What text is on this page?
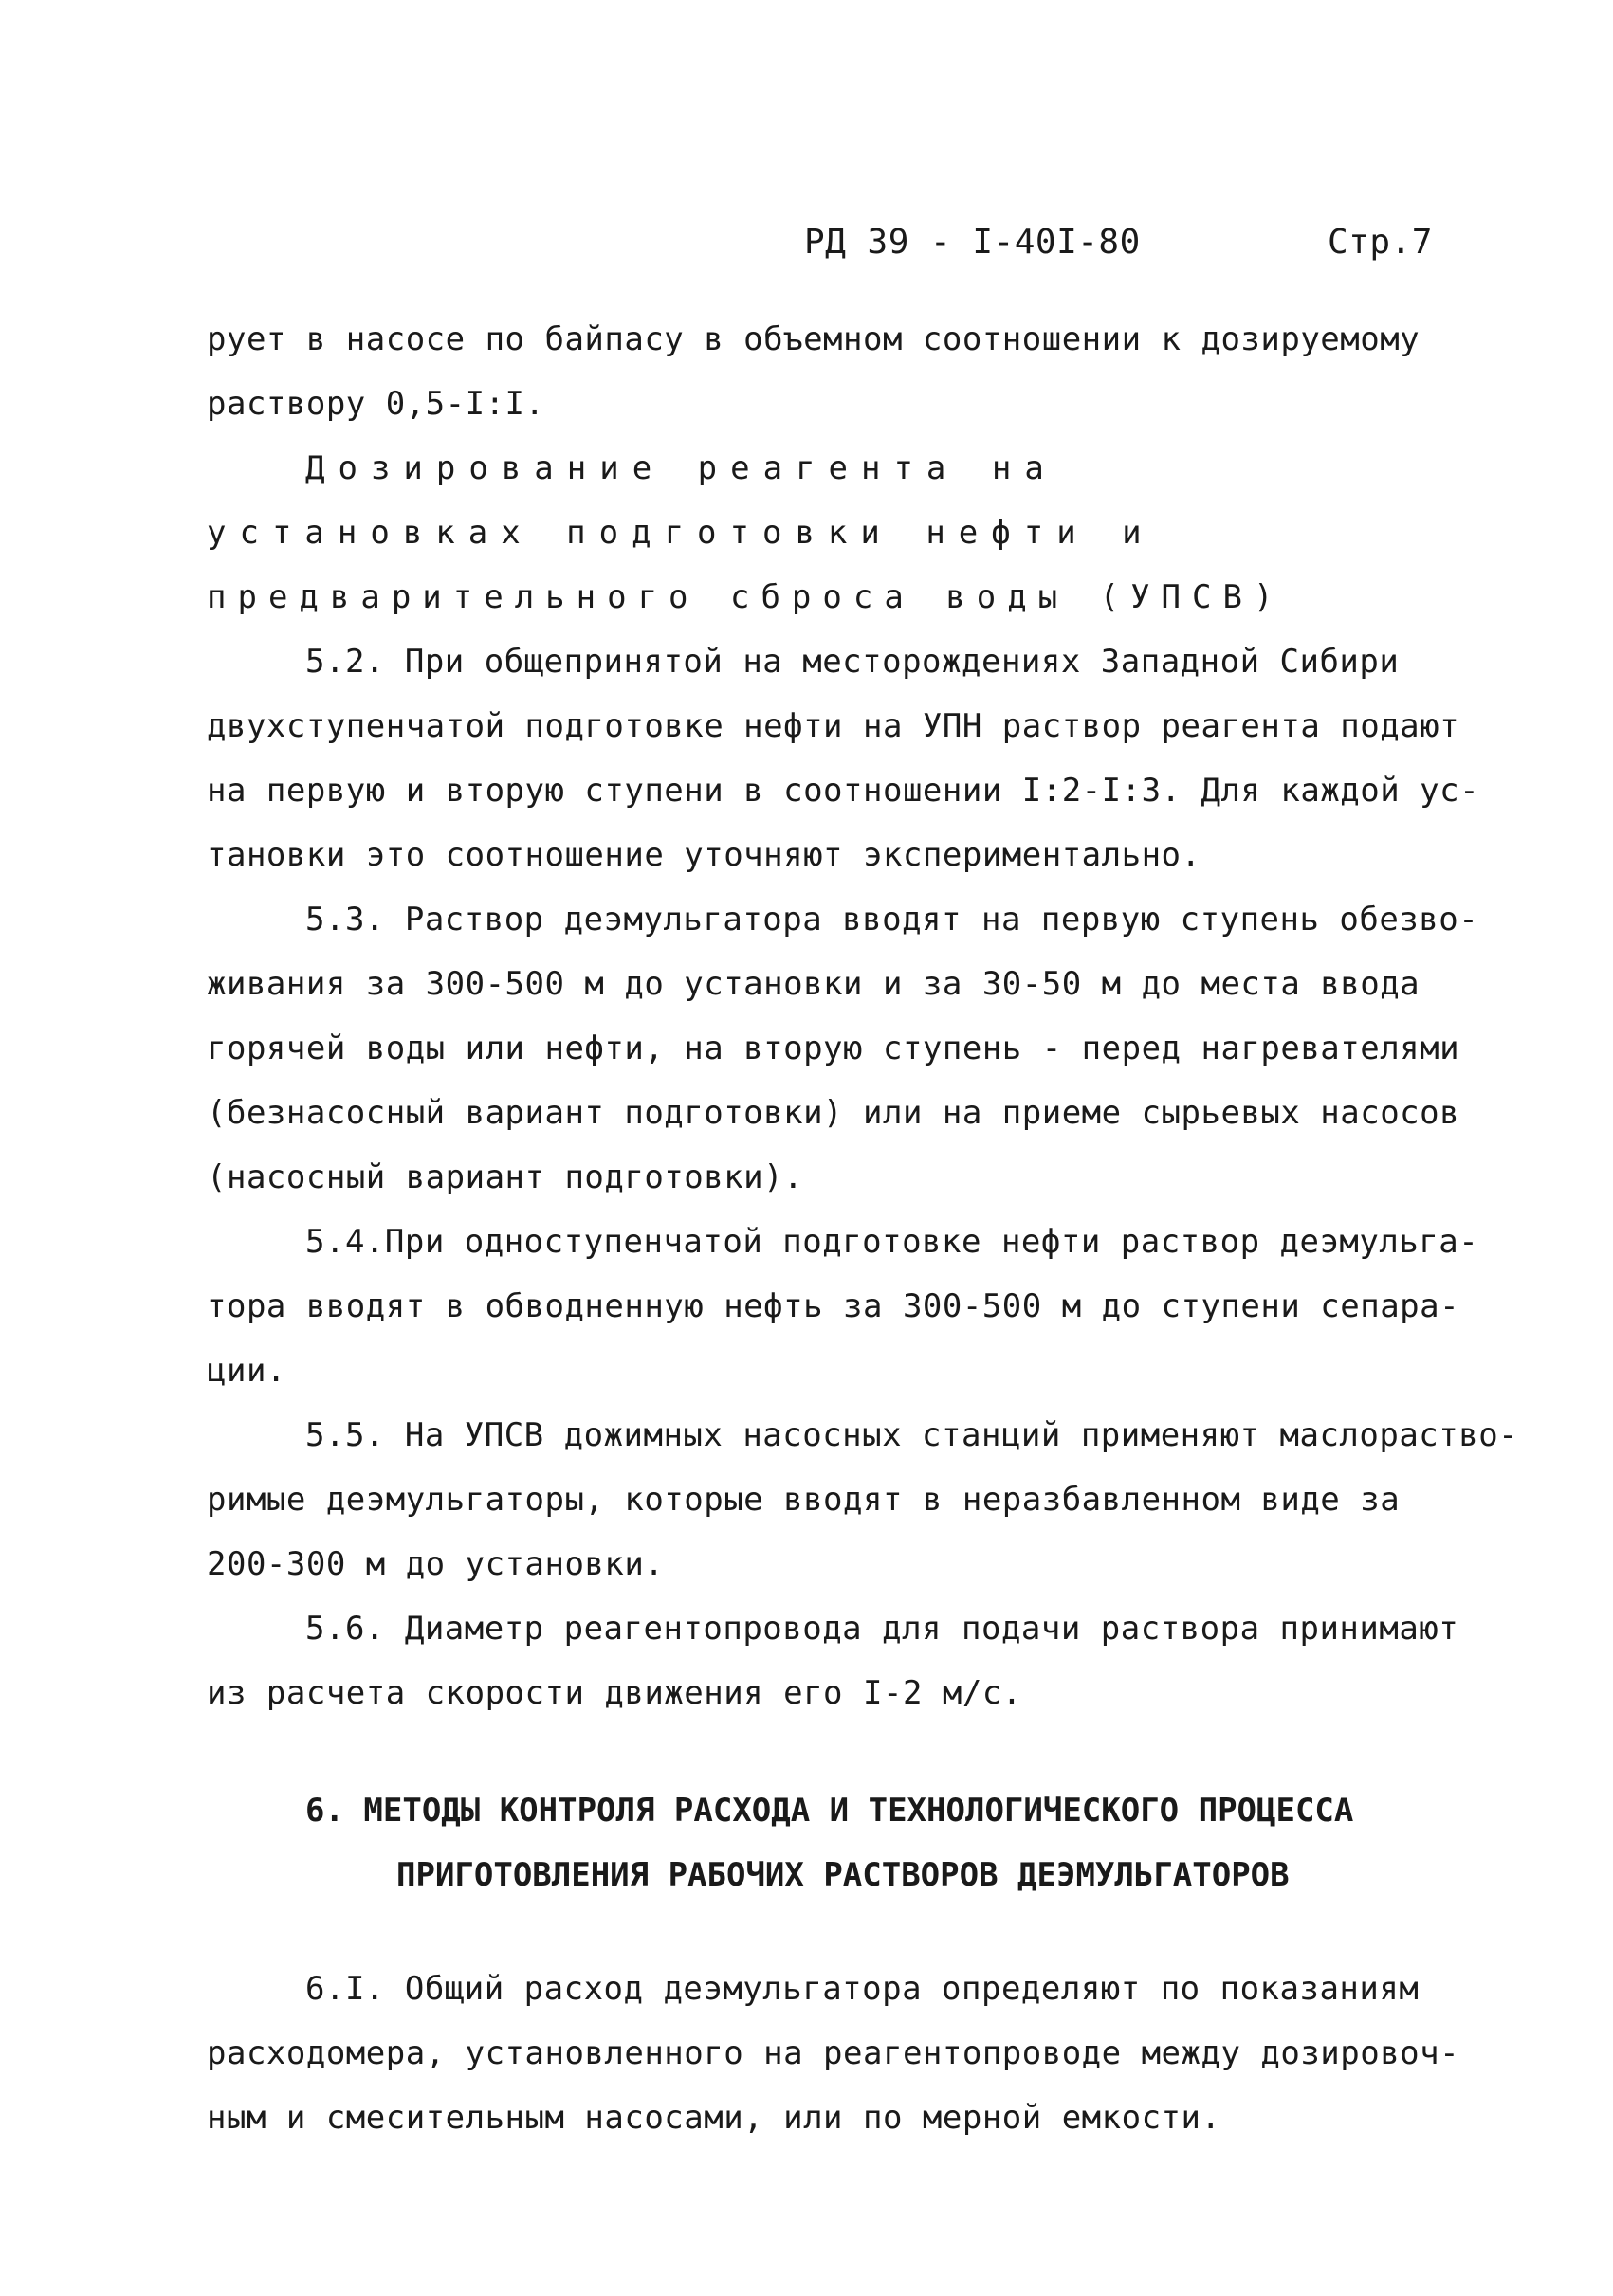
РД 39 - I-40I-80	Стр.7
рует в насосе по байпасу в объемном соотношении к дозируемому
раствору 0,5-I:I.
Дозирование реагента на
установках подготовки нефти и
предварительного сброса воды (УПСВ)
5.2. При общепринятой на месторождениях Западной Сибири
двухступенчатой подготовке нефти на УПН раствор реагента подают
на первую и вторую ступени в соотношении I:2-I:3. Для каждой ус-
тановки это соотношение уточняют экспериментально.
5.3. Раствор деэмульгатора вводят на первую ступень обезво-
живания за 300-500 м до установки и за 30-50 м до места ввода
горячей воды или нефти, на вторую ступень - перед нагревателями
(безнасосный вариант подготовки) или на приеме сырьевых насосов
(насосный вариант подготовки).
5.4.При одноступенчатой подготовке нефти раствор деэмульга-
тора вводят в обводненную нефть за 300-500 м до ступени сепара-
ции.
5.5. На УПСВ дожимных насосных станций применяют маслораство-
римые деэмульгаторы, которые вводят в неразбавленном виде за
200-300 м до установки.
5.6. Диаметр реагентопровода для подачи раствора принимают
из расчета скорости движения его I-2 м/с.
6. МЕТОДЫ КОНТРОЛЯ РАСХОДА И ТЕХНОЛОГИЧЕСКОГО ПРОЦЕССА
ПРИГОТОВЛЕНИЯ РАБОЧИХ РАСТВОРОВ ДЕЭМУЛЬГАТОРОВ
6.I. Общий расход деэмульгатора определяют по показаниям
расходомера, установленного на реагентопроводе между дозировоч-
ным и смесительным насосами, или по мерной емкости.
